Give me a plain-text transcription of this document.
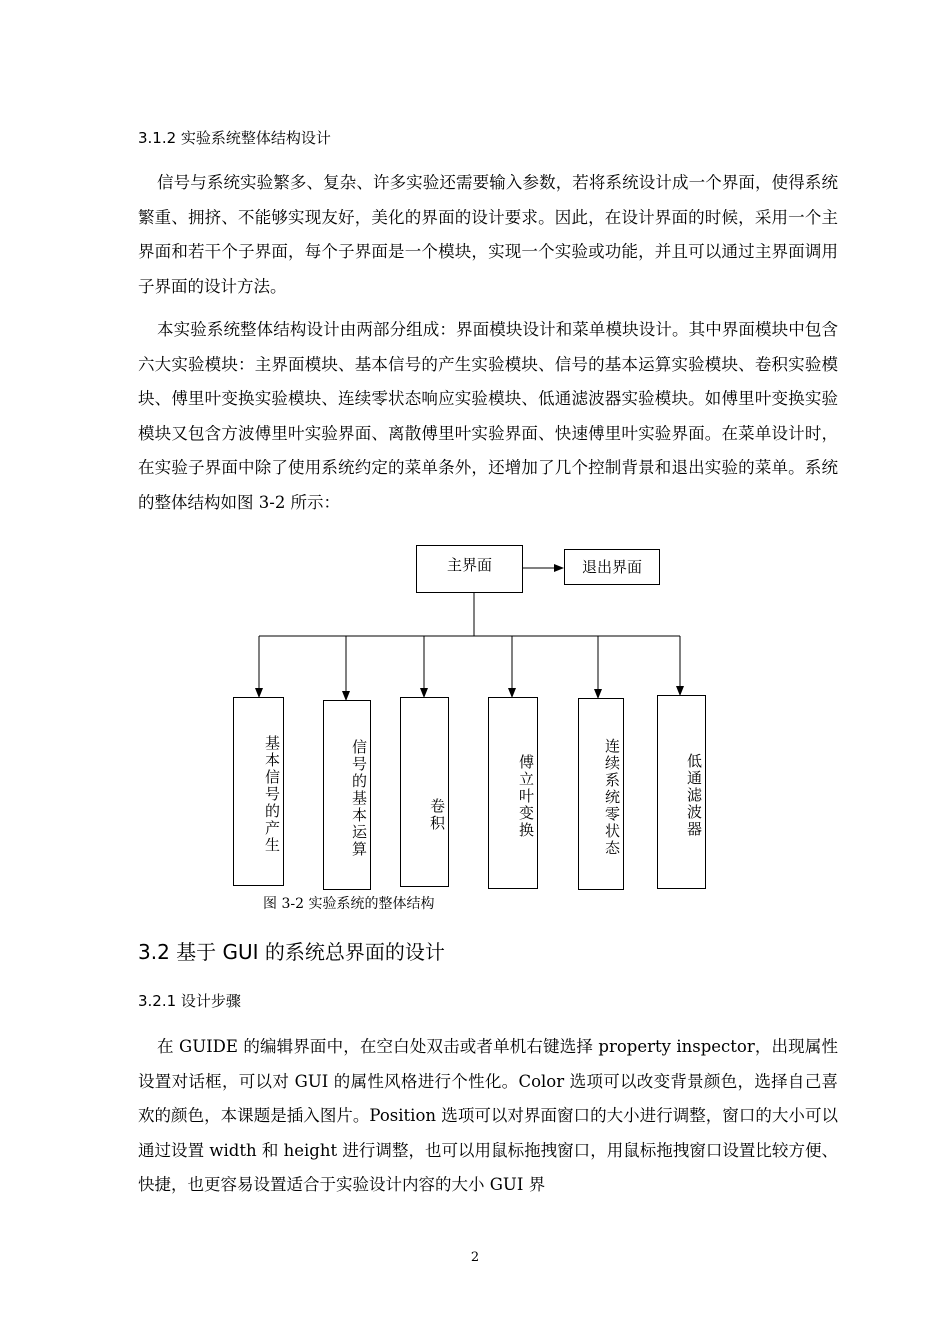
3.1.2 实验系统整体结构设计
信号与系统实验繁多、复杂、许多实验还需要输入参数，若将系统设计成一个界面，使得系统繁重、拥挤、不能够实现友好，美化的界面的设计要求。因此，在设计界面的时候，采用一个主界面和若干个子界面，每个子界面是一个模块，实现一个实验或功能，并且可以通过主界面调用子界面的设计方法。
本实验系统整体结构设计由两部分组成：界面模块设计和菜单模块设计。其中界面模块中包含六大实验模块：主界面模块、基本信号的产生实验模块、信号的基本运算实验模块、卷积实验模块、傅里叶变换实验模块、连续零状态响应实验模块、低通滤波器实验模块。如傅里叶变换实验模块又包含方波傅里叶实验界面、离散傅里叶实验界面、快速傅里叶实验界面。在菜单设计时，在实验子界面中除了使用系统约定的菜单条外，还增加了几个控制背景和退出实验的菜单。系统的整体结构如图 3-2 所示：
主界面	退出界面
基本信号的产生	信号的基本运算	卷积	傅立叶变换	连续系统零状态	低通滤波器
图 3-2 实验系统的整体结构
3.2 基于 GUI 的系统总界面的设计
3.2.1 设计步骤
在 GUIDE 的编辑界面中，在空白处双击或者单机右键选择 property inspector，出现属性设置对话框，可以对 GUI 的属性风格进行个性化。Color 选项可以改变背景颜色，选择自己喜欢的颜色，本课题是插入图片。Position 选项可以对界面窗口的大小进行调整，窗口的大小可以通过设置 width 和 height 进行调整，也可以用鼠标拖拽窗口，用鼠标拖拽窗口设置比较方便、快捷，也更容易设置适合于实验设计内容的大小 GUI 界
2
